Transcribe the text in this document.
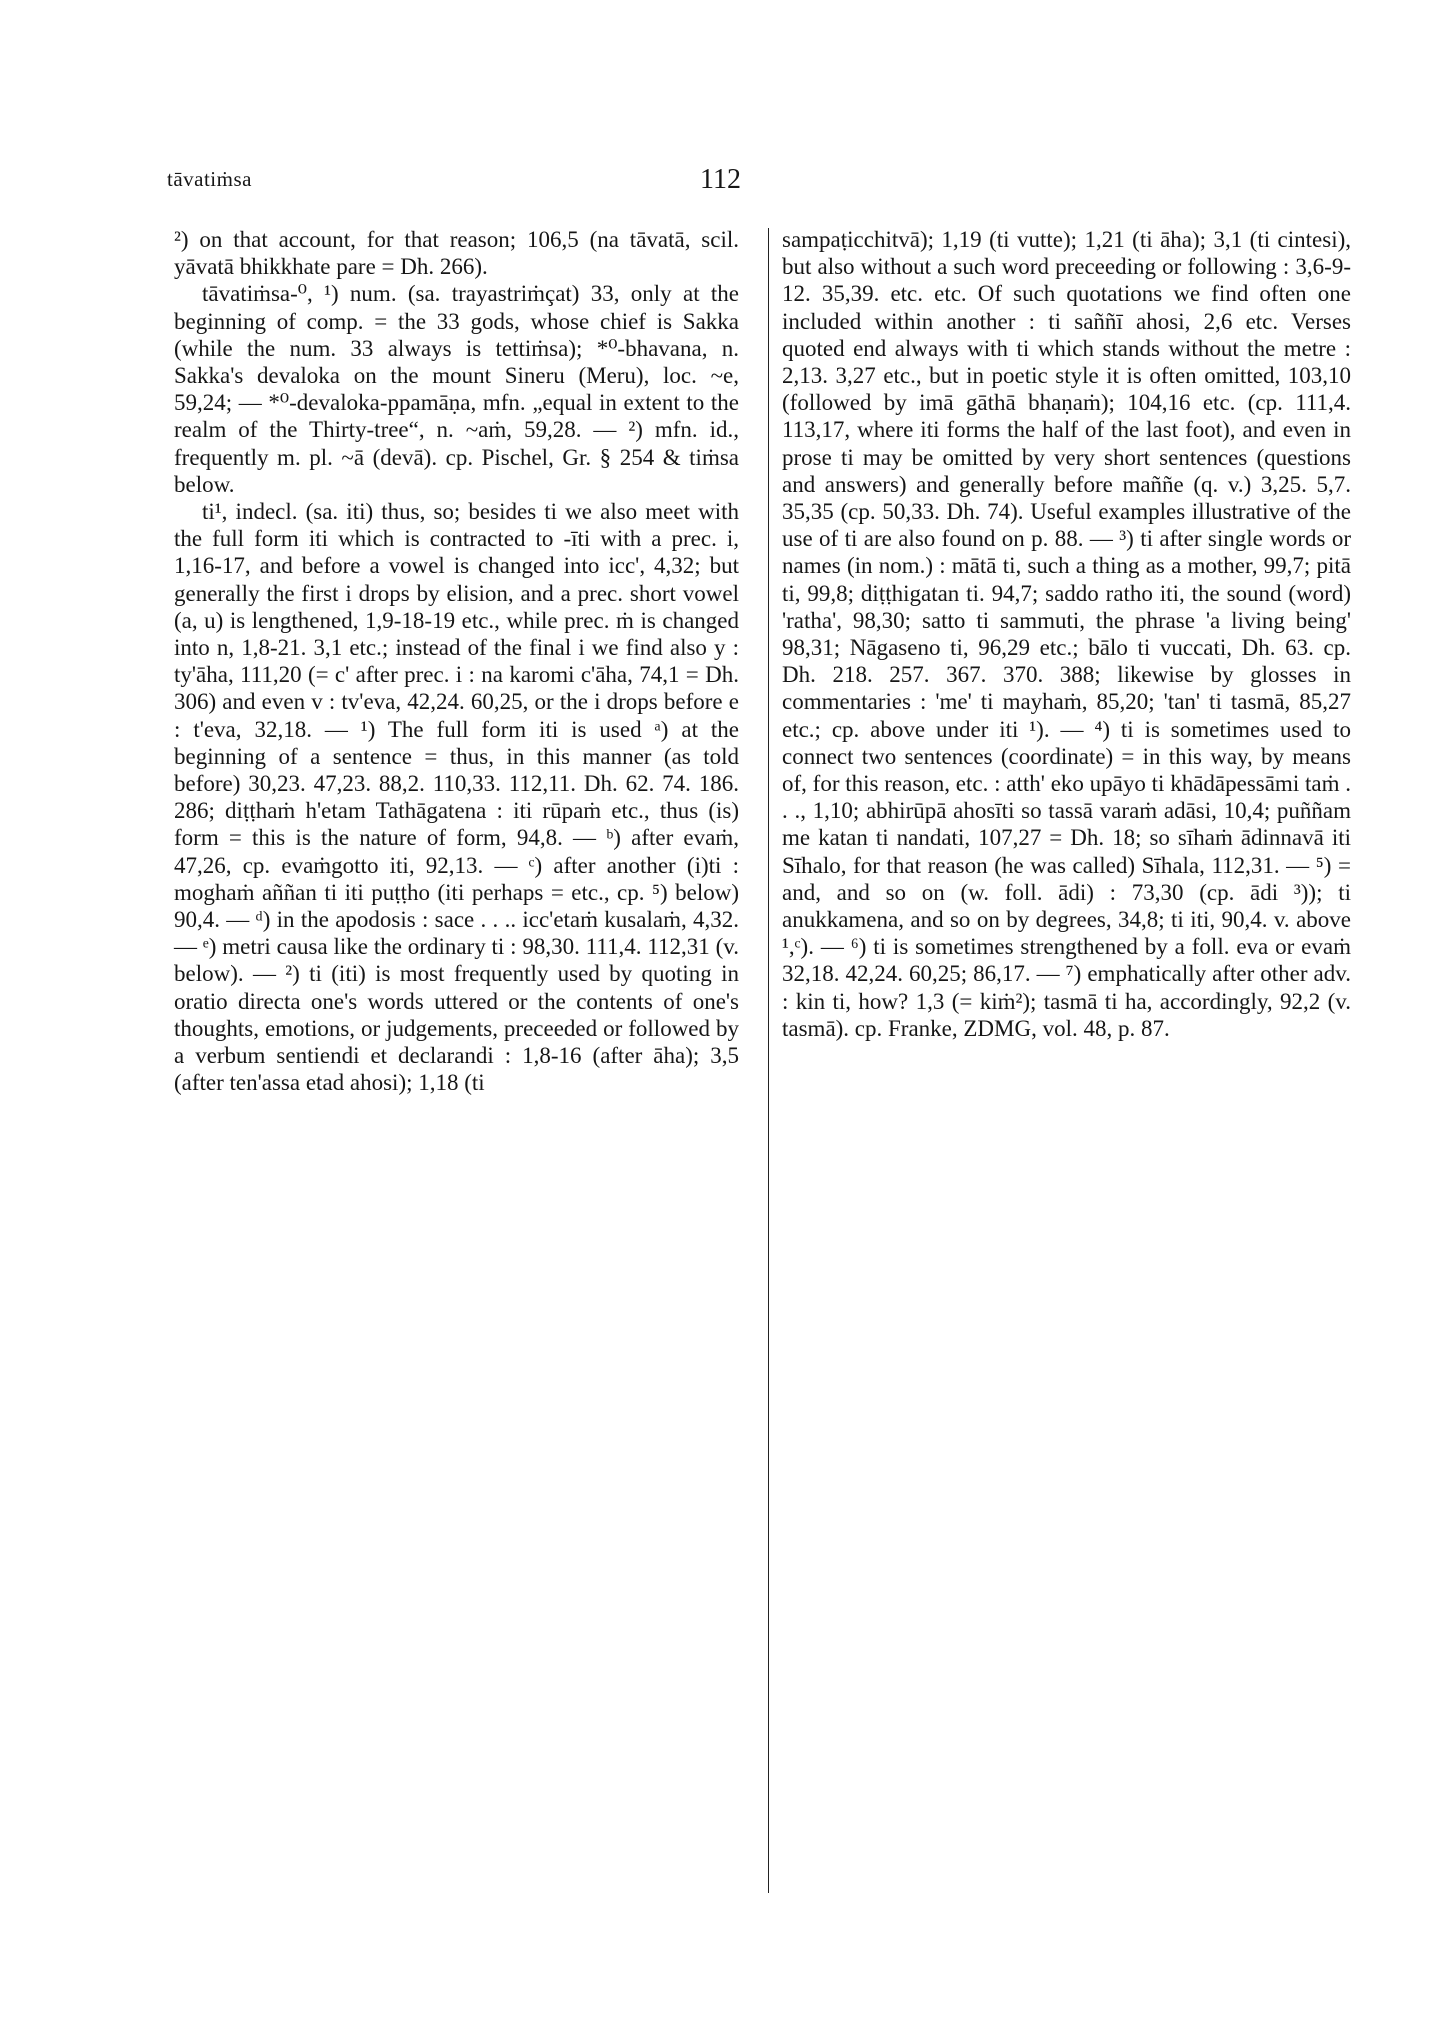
tāvatiṁsa	112

²) on that account, for that reason; 106,5 (na tāvatā, scil. yāvatā bhikkhate pare = Dh. 266).

tāvatiṁsa-⁰, ¹) num. (sa. trayastriṁçat) 33, only at the beginning of comp. = the 33 gods, whose chief is Sakka (while the num. 33 always is tettiṁsa); *⁰-bhavana, n. Sakka's devaloka on the mount Sineru (Meru), loc. ~e, 59,24; — *⁰-devaloka-ppamāṇa, mfn. „equal in extent to the realm of the Thirty-tree“, n. ~aṁ, 59,28. — ²) mfn. id., frequently m. pl. ~ā (devā). cp. Pischel, Gr. § 254 & tiṁsa below.

ti¹, indecl. (sa. iti) thus, so; besides ti we also meet with the full form iti which is contracted to -īti with a prec. i, 1,16-17, and before a vowel is changed into icc', 4,32; but generally the first i drops by elision, and a prec. short vowel (a, u) is lengthened, 1,9-18-19 etc., while prec. ṁ is changed into n, 1,8-21. 3,1 etc.; instead of the final i we find also y : ty'āha, 111,20 (= c' after prec. i : na karomi c'āha, 74,1 = Dh. 306) and even v : tv'eva, 42,24. 60,25, or the i drops before e : t'eva, 32,18. — ¹) The full form iti is used ᵃ) at the beginning of a sentence = thus, in this manner (as told before) 30,23. 47,23. 88,2. 110,33. 112,11. Dh. 62. 74. 186. 286; diṭṭhaṁ h'etam Tathāgatena : iti rūpaṁ etc., thus (is) form = this is the nature of form, 94,8. — ᵇ) after evaṁ, 47,26, cp. evaṁgotto iti, 92,13. — ᶜ) after another (i)ti : moghaṁ aññan ti iti puṭṭho (iti perhaps = etc., cp. ⁵) below) 90,4. — ᵈ) in the apodosis : sace . . .. icc'etaṁ kusalaṁ, 4,32. — ᵉ) metri causa like the ordinary ti : 98,30. 111,4. 112,31 (v. below). — ²) ti (iti) is most frequently used by quoting in oratio directa one's words uttered or the contents of one's thoughts, emotions, or judgements, preceeded or followed by a verbum sentiendi et declarandi : 1,8-16 (after āha); 3,5 (after ten'assa etad ahosi); 1,18 (ti

sampaṭicchitvā); 1,19 (ti vutte); 1,21 (ti āha); 3,1 (ti cintesi), but also without a such word preceeding or following : 3,6-9-12. 35,39. etc. etc. Of such quotations we find often one included within another : ti saññī ahosi, 2,6 etc. Verses quoted end always with ti which stands without the metre : 2,13. 3,27 etc., but in poetic style it is often omitted, 103,10 (followed by imā gāthā bhaṇaṁ); 104,16 etc. (cp. 111,4. 113,17, where iti forms the half of the last foot), and even in prose ti may be omitted by very short sentences (questions and answers) and generally before maññe (q. v.) 3,25. 5,7. 35,35 (cp. 50,33. Dh. 74). Useful examples illustrative of the use of ti are also found on p. 88. — ³) ti after single words or names (in nom.) : mātā ti, such a thing as a mother, 99,7; pitā ti, 99,8; diṭṭhigatan ti. 94,7; saddo ratho iti, the sound (word) 'ratha', 98,30; satto ti sammuti, the phrase 'a living being' 98,31; Nāgaseno ti, 96,29 etc.; bālo ti vuccati, Dh. 63. cp. Dh. 218. 257. 367. 370. 388; likewise by glosses in commentaries : 'me' ti mayhaṁ, 85,20; 'tan' ti tasmā, 85,27 etc.; cp. above under iti ¹). — ⁴) ti is sometimes used to connect two sentences (coordinate) = in this way, by means of, for this reason, etc. : atth' eko upāyo ti khādāpessāmi taṁ . . ., 1,10; abhirūpā ahosīti so tassā varaṁ adāsi, 10,4; puññam me katan ti nandati, 107,27 = Dh. 18; so sīhaṁ ādinnavā iti Sīhalo, for that reason (he was called) Sīhala, 112,31. — ⁵) = and, and so on (w. foll. ādi) : 73,30 (cp. ādi ³)); ti anukkamena, and so on by degrees, 34,8; ti iti, 90,4. v. above ¹,ᶜ). — ⁶) ti is sometimes strengthened by a foll. eva or evaṁ 32,18. 42,24. 60,25; 86,17. — ⁷) emphatically after other adv. : kin ti, how? 1,3 (= kiṁ²); tasmā ti ha, accordingly, 92,2 (v. tasmā). cp. Franke, ZDMG, vol. 48, p. 87.
